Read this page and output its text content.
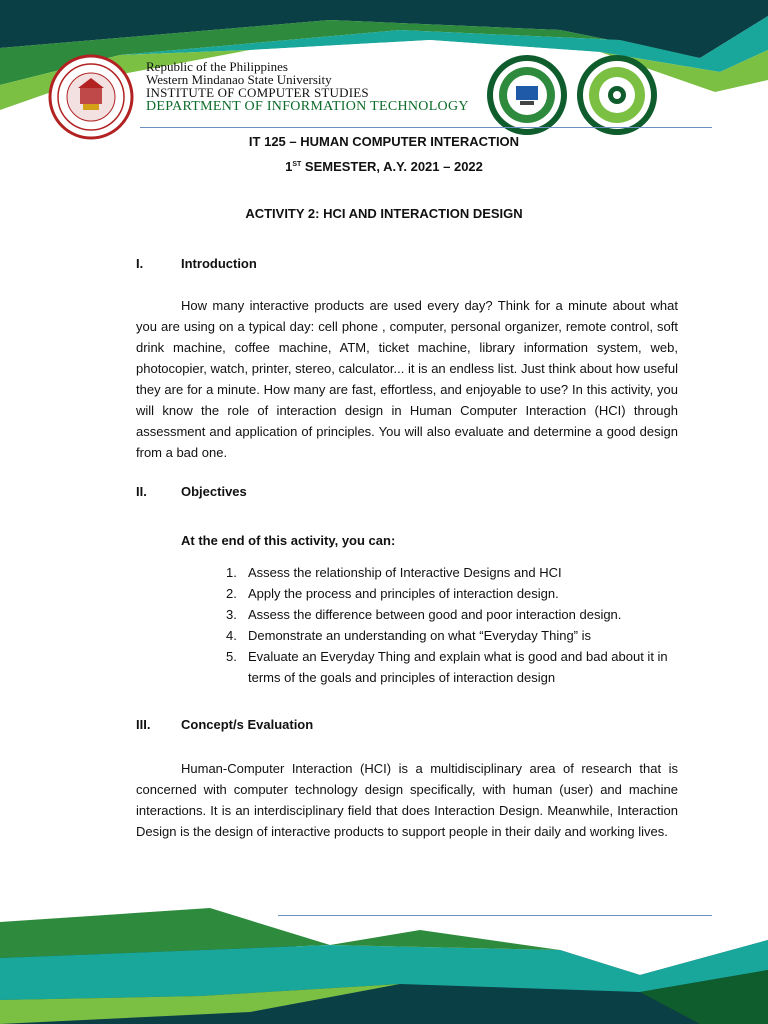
Republic of the Philippines
Western Mindanao State University
INSTITUTE OF COMPUTER STUDIES
DEPARTMENT OF INFORMATION TECHNOLOGY
IT 125 – HUMAN COMPUTER INTERACTION
1ST SEMESTER, A.Y. 2021 – 2022
ACTIVITY 2: HCI AND INTERACTION DESIGN
I.	Introduction

How many interactive products are used every day? Think for a minute about what you are using on a typical day: cell phone , computer, personal organizer, remote control, soft drink machine, coffee machine, ATM, ticket machine, library information system, web, photocopier, watch, printer, stereo, calculator... it is an endless list. Just think about how useful they are for a minute. How many are fast, effortless, and enjoyable to use? In this activity, you will know the role of interaction design in Human Computer Interaction (HCI) through assessment and application of principles. You will also evaluate and determine a good design from a bad one.

II.	Objectives
At the end of this activity, you can:
1. Assess the relationship of Interactive Designs and HCI
2. Apply the process and principles of interaction design.
3. Assess the difference between good and poor interaction design.
4. Demonstrate an understanding on what “Everyday Thing” is
5. Evaluate an Everyday Thing and explain what is good and bad about it in terms of the goals and principles of interaction design
III. Concept/s Evaluation

Human-Computer Interaction (HCI) is a multidisciplinary area of research that is concerned with computer technology design specifically, with human (user) and machine interactions. It is an interdisciplinary field that does Interaction Design. Meanwhile, Interaction Design is the design of interactive products to support people in their daily and working lives.
